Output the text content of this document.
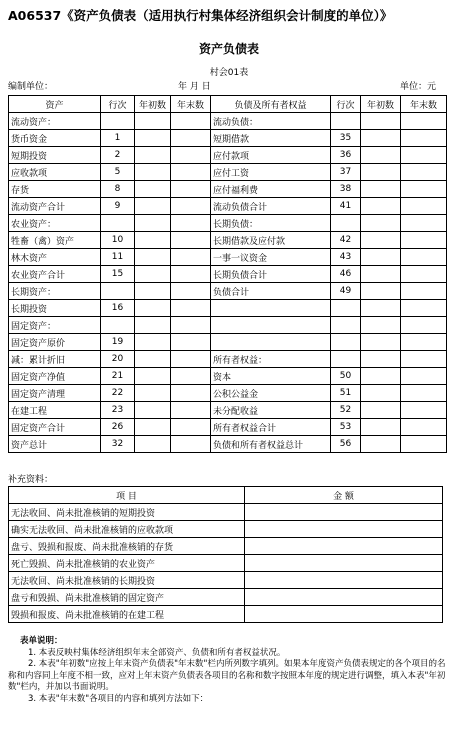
A06537《资产负债表（适用执行村集体经济组织会计制度的单位）》
资产负债表
村会01表
编制单位：	年 月 日	单位：元
资产	行次	年初数	年末数	负债及所有者权益	行次	年初数	年末数
流动资产：				流动负债：			
货币资金	1			短期借款	35		
短期投资	2			应付款项	36		
应收款项	5			应付工资	37		
存货	8			应付福利费	38		
流动资产合计	9			流动负债合计	41		
农业资产：				长期负债：			
牲畜（禽）资产	10			长期借款及应付款	42		
林木资产	11			一事一议资金	43		
农业资产合计	15			长期负债合计	46		
长期资产：				负债合计	49		
长期投资	16						
固定资产：							
固定资产原价	19						
减：累计折旧	20			所有者权益：			
固定资产净值	21			资本	50		
固定资产清理	22			公积公益金	51		
在建工程	23			未分配收益	52		
固定资产合计	26			所有者权益合计	53		
资产总计	32			负债和所有者权益总计	56		
补充资料：
项 目	金 额
无法收回、尚未批准核销的短期投资	
确实无法收回、尚未批准核销的应收款项	
盘亏、毁损和报废、尚未批准核销的存货	
死亡毁损、尚未批准核销的农业资产	
无法收回、尚未批准核销的长期投资	
盘亏和毁损、尚未批准核销的固定资产	
毁损和报废、尚未批准核销的在建工程	

表单说明：

1. 本表反映村集体经济组织年末全部资产、负债和所有者权益状况。

2. 本表"年初数"应按上年末资产负债表"年末数"栏内所列数字填列。如果本年度资产负债表规定的各个项目的名称和内容同上年度不相一致，应对上年末资产负债表各项目的名称和数字按照本年度的规定进行调整，填入本表"年初数"栏内，并加以书面说明。

3. 本表"年末数"各项目的内容和填列方法如下：
